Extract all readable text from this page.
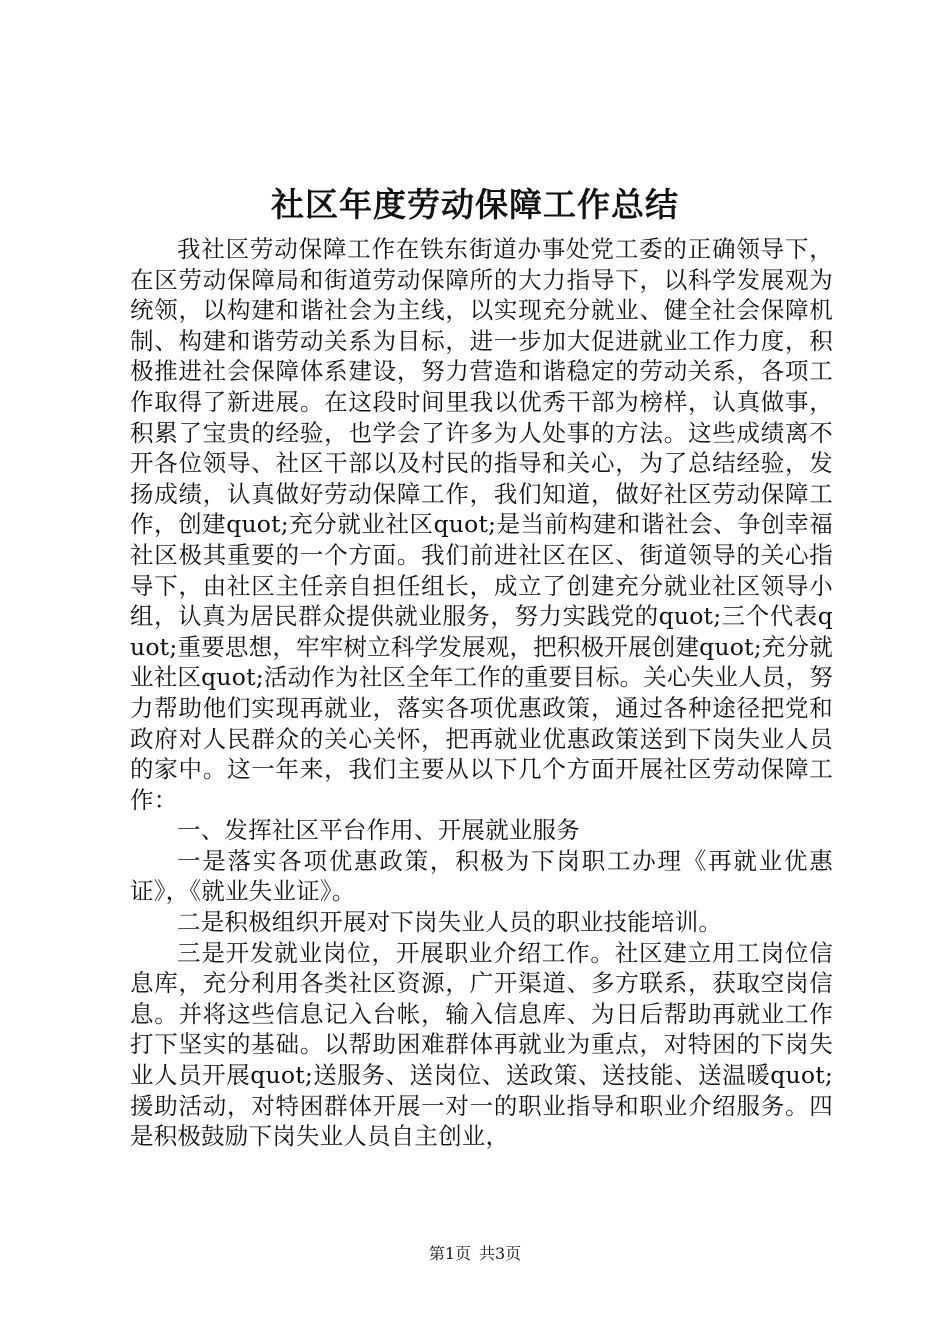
社区年度劳动保障工作总结

我社区劳动保障工作在铁东街道办事处党工委的正确领导下，在区劳动保障局和街道劳动保障所的大力指导下，以科学发展观为统领，以构建和谐社会为主线，以实现充分就业、健全社会保障机制、构建和谐劳动关系为目标，进一步加大促进就业工作力度，积极推进社会保障体系建设，努力营造和谐稳定的劳动关系，各项工作取得了新进展。在这段时间里我以优秀干部为榜样，认真做事，积累了宝贵的经验，也学会了许多为人处事的方法。这些成绩离不开各位领导、社区干部以及村民的指导和关心，为了总结经验，发扬成绩，认真做好劳动保障工作，我们知道，做好社区劳动保障工作，创建quot;充分就业社区quot;是当前构建和谐社会、争创幸福社区极其重要的一个方面。我们前进社区在区、街道领导的关心指导下，由社区主任亲自担任组长，成立了创建充分就业社区领导小组，认真为居民群众提供就业服务，努力实践党的quot;三个代表quot;重要思想，牢牢树立科学发展观，把积极开展创建quot;充分就业社区quot;活动作为社区全年工作的重要目标。关心失业人员，努力帮助他们实现再就业，落实各项优惠政策，通过各种途径把党和政府对人民群众的关心关怀，把再就业优惠政策送到下岗失业人员的家中。这一年来，我们主要从以下几个方面开展社区劳动保障工作：

一、发挥社区平台作用、开展就业服务

一是落实各项优惠政策，积极为下岗职工办理《再就业优惠证》，《就业失业证》。

二是积极组织开展对下岗失业人员的职业技能培训。

三是开发就业岗位，开展职业介绍工作。社区建立用工岗位信息库，充分利用各类社区资源，广开渠道、多方联系，获取空岗信息。并将这些信息记入台帐，输入信息库、为日后帮助再就业工作打下坚实的基础。以帮助困难群体再就业为重点，对特困的下岗失业人员开展quot;送服务、送岗位、送政策、送技能、送温暖quot;援助活动，对特困群体开展一对一的职业指导和职业介绍服务。四是积极鼓励下岗失业人员自主创业，

第1页 共3页
